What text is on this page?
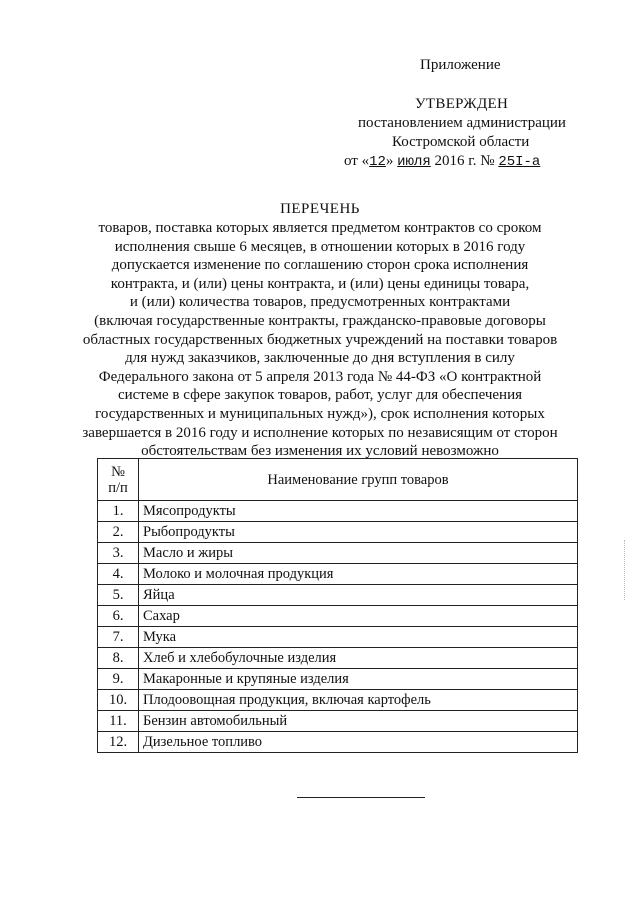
Приложение
УТВЕРЖДЕН
постановлением администрации
Костромской области
от «12» июля 2016 г. № 25I-a
ПЕРЕЧЕНЬ
товаров, поставка которых является предметом контрактов со сроком
исполнения свыше 6 месяцев, в отношении которых в 2016 году
допускается изменение по соглашению сторон срока исполнения
контракта, и (или) цены контракта, и (или) цены единицы товара,
и (или) количества товаров, предусмотренных контрактами
(включая государственные контракты, гражданско-правовые договоры
областных государственных бюджетных учреждений на поставки товаров
для нужд заказчиков, заключенные до дня вступления в силу
Федерального закона от 5 апреля 2013 года № 44-ФЗ «О контрактной
системе в сфере закупок товаров, работ, услуг для обеспечения
государственных и муниципальных нужд»), срок исполнения которых
завершается в 2016 году и исполнение которых по независящим от сторон
обстоятельствам без изменения их условий невозможно
№
п/п	Наименование групп товаров
1.	Мясопродукты
2.	Рыбопродукты
3.	Масло и жиры
4.	Молоко и молочная продукция
5.	Яйца
6.	Сахар
7.	Мука
8.	Хлеб и хлебобулочные изделия
9.	Макаронные и крупяные изделия
10.	Плодоовощная продукция, включая картофель
11.	Бензин автомобильный
12.	Дизельное топливо
